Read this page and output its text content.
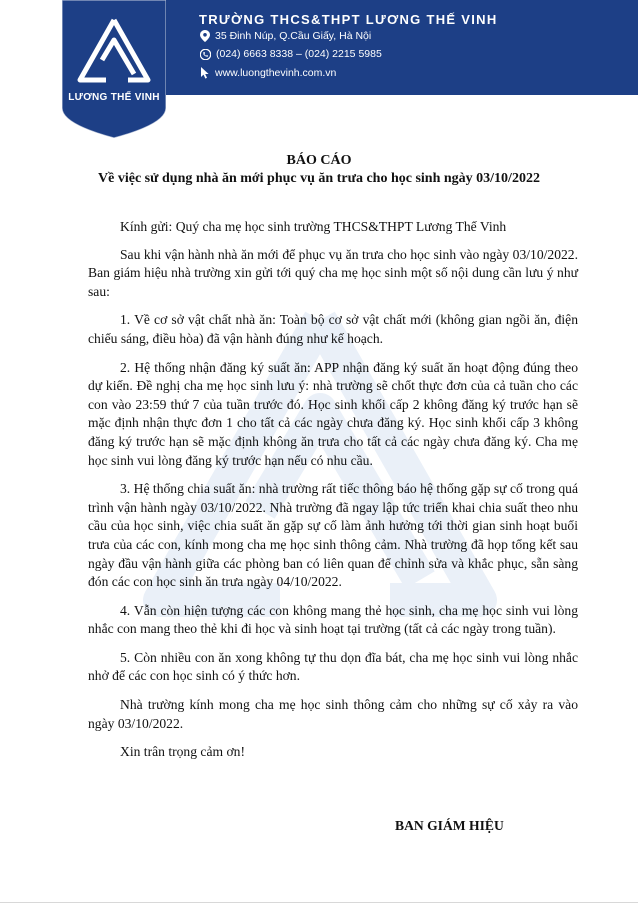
LƯƠNG THẾ VINH
TRƯỜNG THCS&THPT LƯƠNG THẾ VINH
35 Đinh Núp, Q.Cầu Giấy, Hà Nội
(024) 6663 8338 – (024) 2215 5985
www.luongthevinh.com.vn
BÁO CÁO
Về việc sử dụng nhà ăn mới phục vụ ăn trưa cho học sinh ngày 03/10/2022

Kính gửi: Quý cha mẹ học sinh trường THCS&THPT Lương Thế Vinh

Sau khi vận hành nhà ăn mới để phục vụ ăn trưa cho học sinh vào ngày 03/10/2022. Ban giám hiệu nhà trường xin gửi tới quý cha mẹ học sinh một số nội dung cần lưu ý như sau:

1. Về cơ sở vật chất nhà ăn: Toàn bộ cơ sở vật chất mới (không gian ngồi ăn, điện chiếu sáng, điều hòa) đã vận hành đúng như kế hoạch.

2. Hệ thống nhận đăng ký suất ăn: APP nhận đăng ký suất ăn hoạt động đúng theo dự kiến. Đề nghị cha mẹ học sinh lưu ý: nhà trường sẽ chốt thực đơn của cả tuần cho các con vào 23:59 thứ 7 của tuần trước đó. Học sinh khối cấp 2 không đăng ký trước hạn sẽ mặc định nhận thực đơn 1 cho tất cả các ngày chưa đăng ký. Học sinh khối cấp 3 không đăng ký trước hạn sẽ mặc định không ăn trưa cho tất cả các ngày chưa đăng ký. Cha mẹ học sinh vui lòng đăng ký trước hạn nếu có nhu cầu.

3. Hệ thống chia suất ăn: nhà trường rất tiếc thông báo hệ thống gặp sự cố trong quá trình vận hành ngày 03/10/2022. Nhà trường đã ngay lập tức triển khai chia suất theo nhu cầu của học sinh, việc chia suất ăn gặp sự cố làm ảnh hưởng tới thời gian sinh hoạt buổi trưa của các con, kính mong cha mẹ học sinh thông cảm. Nhà trường đã họp tổng kết sau ngày đầu vận hành giữa các phòng ban có liên quan để chỉnh sửa và khắc phục, sẵn sàng đón các con học sinh ăn trưa ngày 04/10/2022.

4. Vẫn còn hiện tượng các con không mang thẻ học sinh, cha mẹ học sinh vui lòng nhắc con mang theo thẻ khi đi học và sinh hoạt tại trường (tất cả các ngày trong tuần).

5. Còn nhiều con ăn xong không tự thu dọn đĩa bát, cha mẹ học sinh vui lòng nhắc nhở để các con học sinh có ý thức hơn.

Nhà trường kính mong cha mẹ học sinh thông cảm cho những sự cố xảy ra vào ngày 03/10/2022.

Xin trân trọng cảm ơn!

BAN GIÁM HIỆU
